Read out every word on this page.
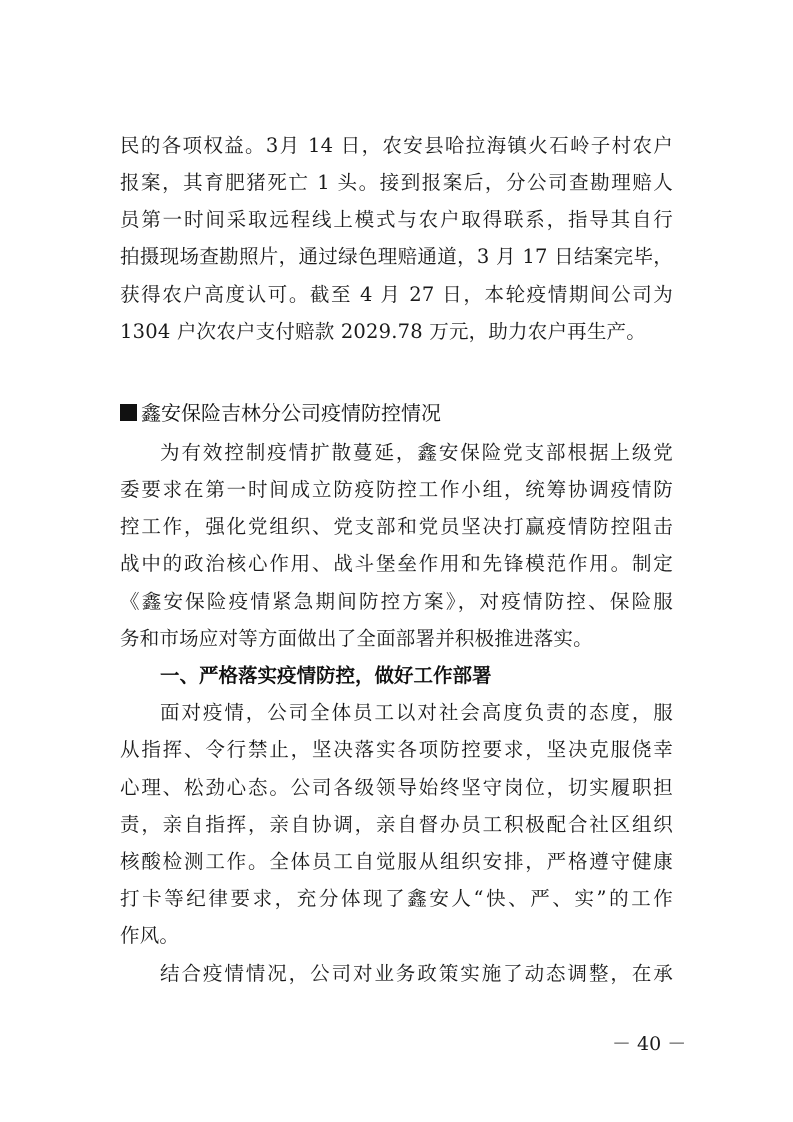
民的各项权益。3月 14 日，农安县哈拉海镇火石岭子村农户
报案，其育肥猪死亡 1 头。接到报案后，分公司查勘理赔人
员第一时间采取远程线上模式与农户取得联系，指导其自行
拍摄现场查勘照片，通过绿色理赔通道，3 月 17 日结案完毕，
获得农户高度认可。截至 4 月 27 日，本轮疫情期间公司为
1304 户次农户支付赔款 2029.78 万元，助力农户再生产。
鑫安保险吉林分公司疫情防控情况
为有效控制疫情扩散蔓延，鑫安保险党支部根据上级党
委要求在第一时间成立防疫防控工作小组，统筹协调疫情防
控工作，强化党组织、党支部和党员坚决打赢疫情防控阻击
战中的政治核心作用、战斗堡垒作用和先锋模范作用。制定
《鑫安保险疫情紧急期间防控方案》，对疫情防控、保险服
务和市场应对等方面做出了全面部署并积极推进落实。
一、严格落实疫情防控，做好工作部署
面对疫情，公司全体员工以对社会高度负责的态度，服
从指挥、令行禁止，坚决落实各项防控要求，坚决克服侥幸
心理、松劲心态。公司各级领导始终坚守岗位，切实履职担
责，亲自指挥，亲自协调，亲自督办员工积极配合社区组织
核酸检测工作。全体员工自觉服从组织安排，严格遵守健康
打卡等纪律要求，充分体现了鑫安人“快、严、实”的工作
作风。
结合疫情情况，公司对业务政策实施了动态调整，在承
－ 40 －
